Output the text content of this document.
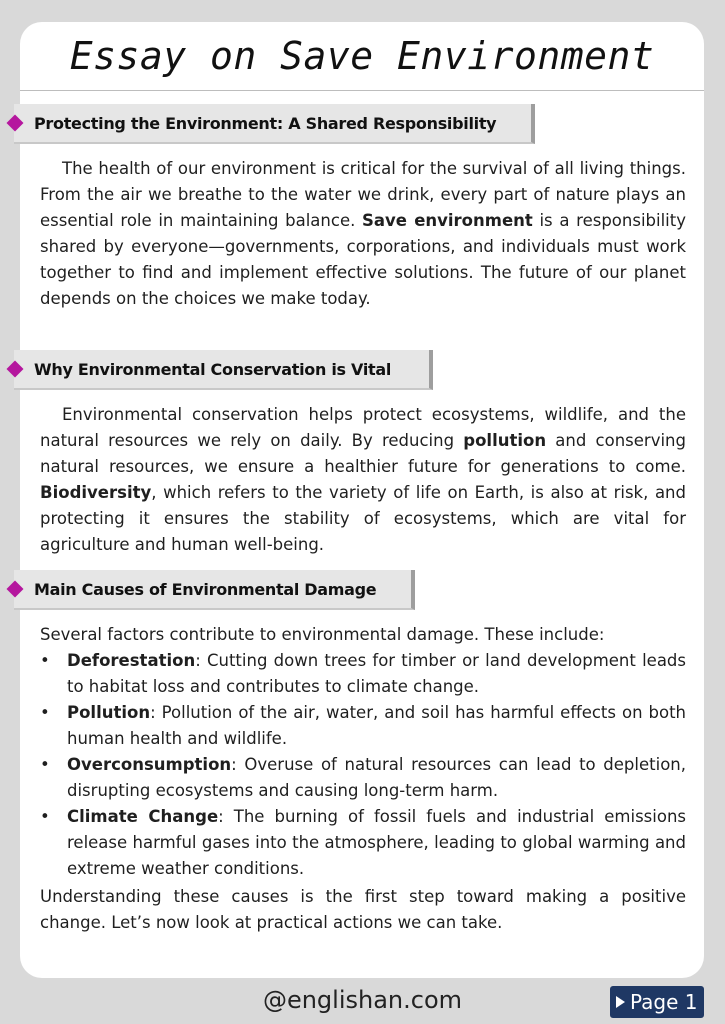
Essay on Save Environment
Protecting the Environment: A Shared Responsibility
The health of our environment is critical for the survival of all living things. From the air we breathe to the water we drink, every part of nature plays an essential role in maintaining balance. Save environment is a responsibility shared by everyone—governments, corporations, and individuals must work together to find and implement effective solutions. The future of our planet depends on the choices we make today.
Why Environmental Conservation is Vital
Environmental conservation helps protect ecosystems, wildlife, and the natural resources we rely on daily. By reducing pollution and conserving natural resources, we ensure a healthier future for generations to come. Biodiversity, which refers to the variety of life on Earth, is also at risk, and protecting it ensures the stability of ecosystems, which are vital for agriculture and human well-being.
Main Causes of Environmental Damage
Several factors contribute to environmental damage. These include:
• Deforestation: Cutting down trees for timber or land development leads to habitat loss and contributes to climate change.
• Pollution: Pollution of the air, water, and soil has harmful effects on both human health and wildlife.
• Overconsumption: Overuse of natural resources can lead to depletion, disrupting ecosystems and causing long-term harm.
• Climate Change: The burning of fossil fuels and industrial emissions release harmful gases into the atmosphere, leading to global warming and extreme weather conditions.
Understanding these causes is the first step toward making a positive change. Let’s now look at practical actions we can take.
@englishan.com	Page 1
